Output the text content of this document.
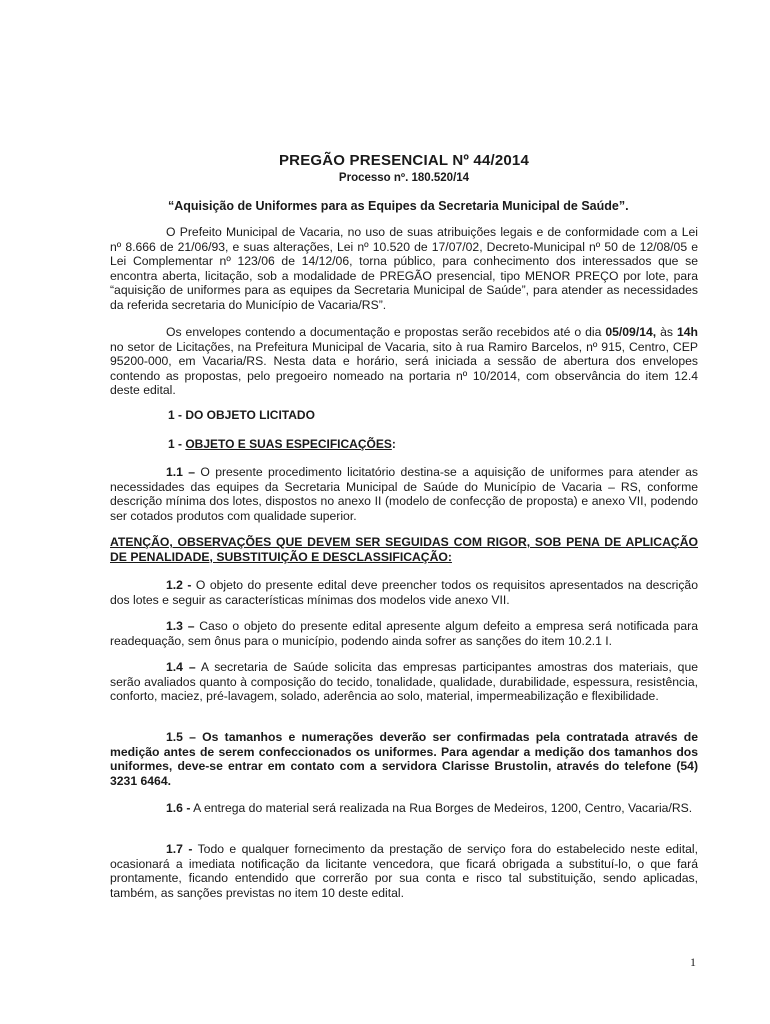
PREGÃO PRESENCIAL Nº 44/2014
Processo nº. 180.520/14
“Aquisição de Uniformes para as Equipes da Secretaria Municipal de Saúde”.

O Prefeito Municipal de Vacaria, no uso de suas atribuições legais e de conformidade com a Lei nº 8.666 de 21/06/93, e suas alterações, Lei nº 10.520 de 17/07/02, Decreto-Municipal nº 50 de 12/08/05 e Lei Complementar nº 123/06 de 14/12/06, torna público, para conhecimento dos interessados que se encontra aberta, licitação, sob a modalidade de PREGÃO presencial, tipo MENOR PREÇO por lote, para “aquisição de uniformes para as equipes da Secretaria Municipal de Saúde”, para atender as necessidades da referida secretaria do Município de Vacaria/RS”.

Os envelopes contendo a documentação e propostas serão recebidos até o dia 05/09/14, às 14h no setor de Licitações, na Prefeitura Municipal de Vacaria, sito à rua Ramiro Barcelos, nº 915, Centro, CEP 95200-000, em Vacaria/RS. Nesta data e horário, será iniciada a sessão de abertura dos envelopes contendo as propostas, pelo pregoeiro nomeado na portaria nº 10/2014, com observância do item 12.4 deste edital.

1 - DO OBJETO LICITADO
1 - OBJETO E SUAS ESPECIFICAÇÕES:

1.1 – O presente procedimento licitatório destina-se a aquisição de uniformes para atender as necessidades das equipes da Secretaria Municipal de Saúde do Município de Vacaria – RS, conforme descrição mínima dos lotes, dispostos no anexo II (modelo de confecção de proposta) e anexo VII, podendo ser cotados produtos com qualidade superior.

ATENÇÃO, OBSERVAÇÕES QUE DEVEM SER SEGUIDAS COM RIGOR, SOB PENA DE APLICAÇÃO DE PENALIDADE, SUBSTITUIÇÃO E DESCLASSIFICAÇÃO:

1.2 - O objeto do presente edital deve preencher todos os requisitos apresentados na descrição dos lotes e seguir as características mínimas dos modelos vide anexo VII.

1.3 – Caso o objeto do presente edital apresente algum defeito a empresa será notificada para readequação, sem ônus para o município, podendo ainda sofrer as sanções do item 10.2.1 I.

1.4 – A secretaria de Saúde solicita das empresas participantes amostras dos materiais, que serão avaliados quanto à composição do tecido, tonalidade, qualidade, durabilidade, espessura, resistência, conforto, maciez, pré-lavagem, solado, aderência ao solo, material, impermeabilização e flexibilidade.

1.5 – Os tamanhos e numerações deverão ser confirmadas pela contratada através de medição antes de serem confeccionados os uniformes. Para agendar a medição dos tamanhos dos uniformes, deve-se entrar em contato com a servidora Clarisse Brustolin, através do telefone (54) 3231 6464.

1.6 - A entrega do material será realizada na Rua Borges de Medeiros, 1200, Centro, Vacaria/RS.

1.7 - Todo e qualquer fornecimento da prestação de serviço fora do estabelecido neste edital, ocasionará a imediata notificação da licitante vencedora, que ficará obrigada a substituí-lo, o que fará prontamente, ficando entendido que correrão por sua conta e risco tal substituição, sendo aplicadas, também, as sanções previstas no item 10 deste edital.

1
